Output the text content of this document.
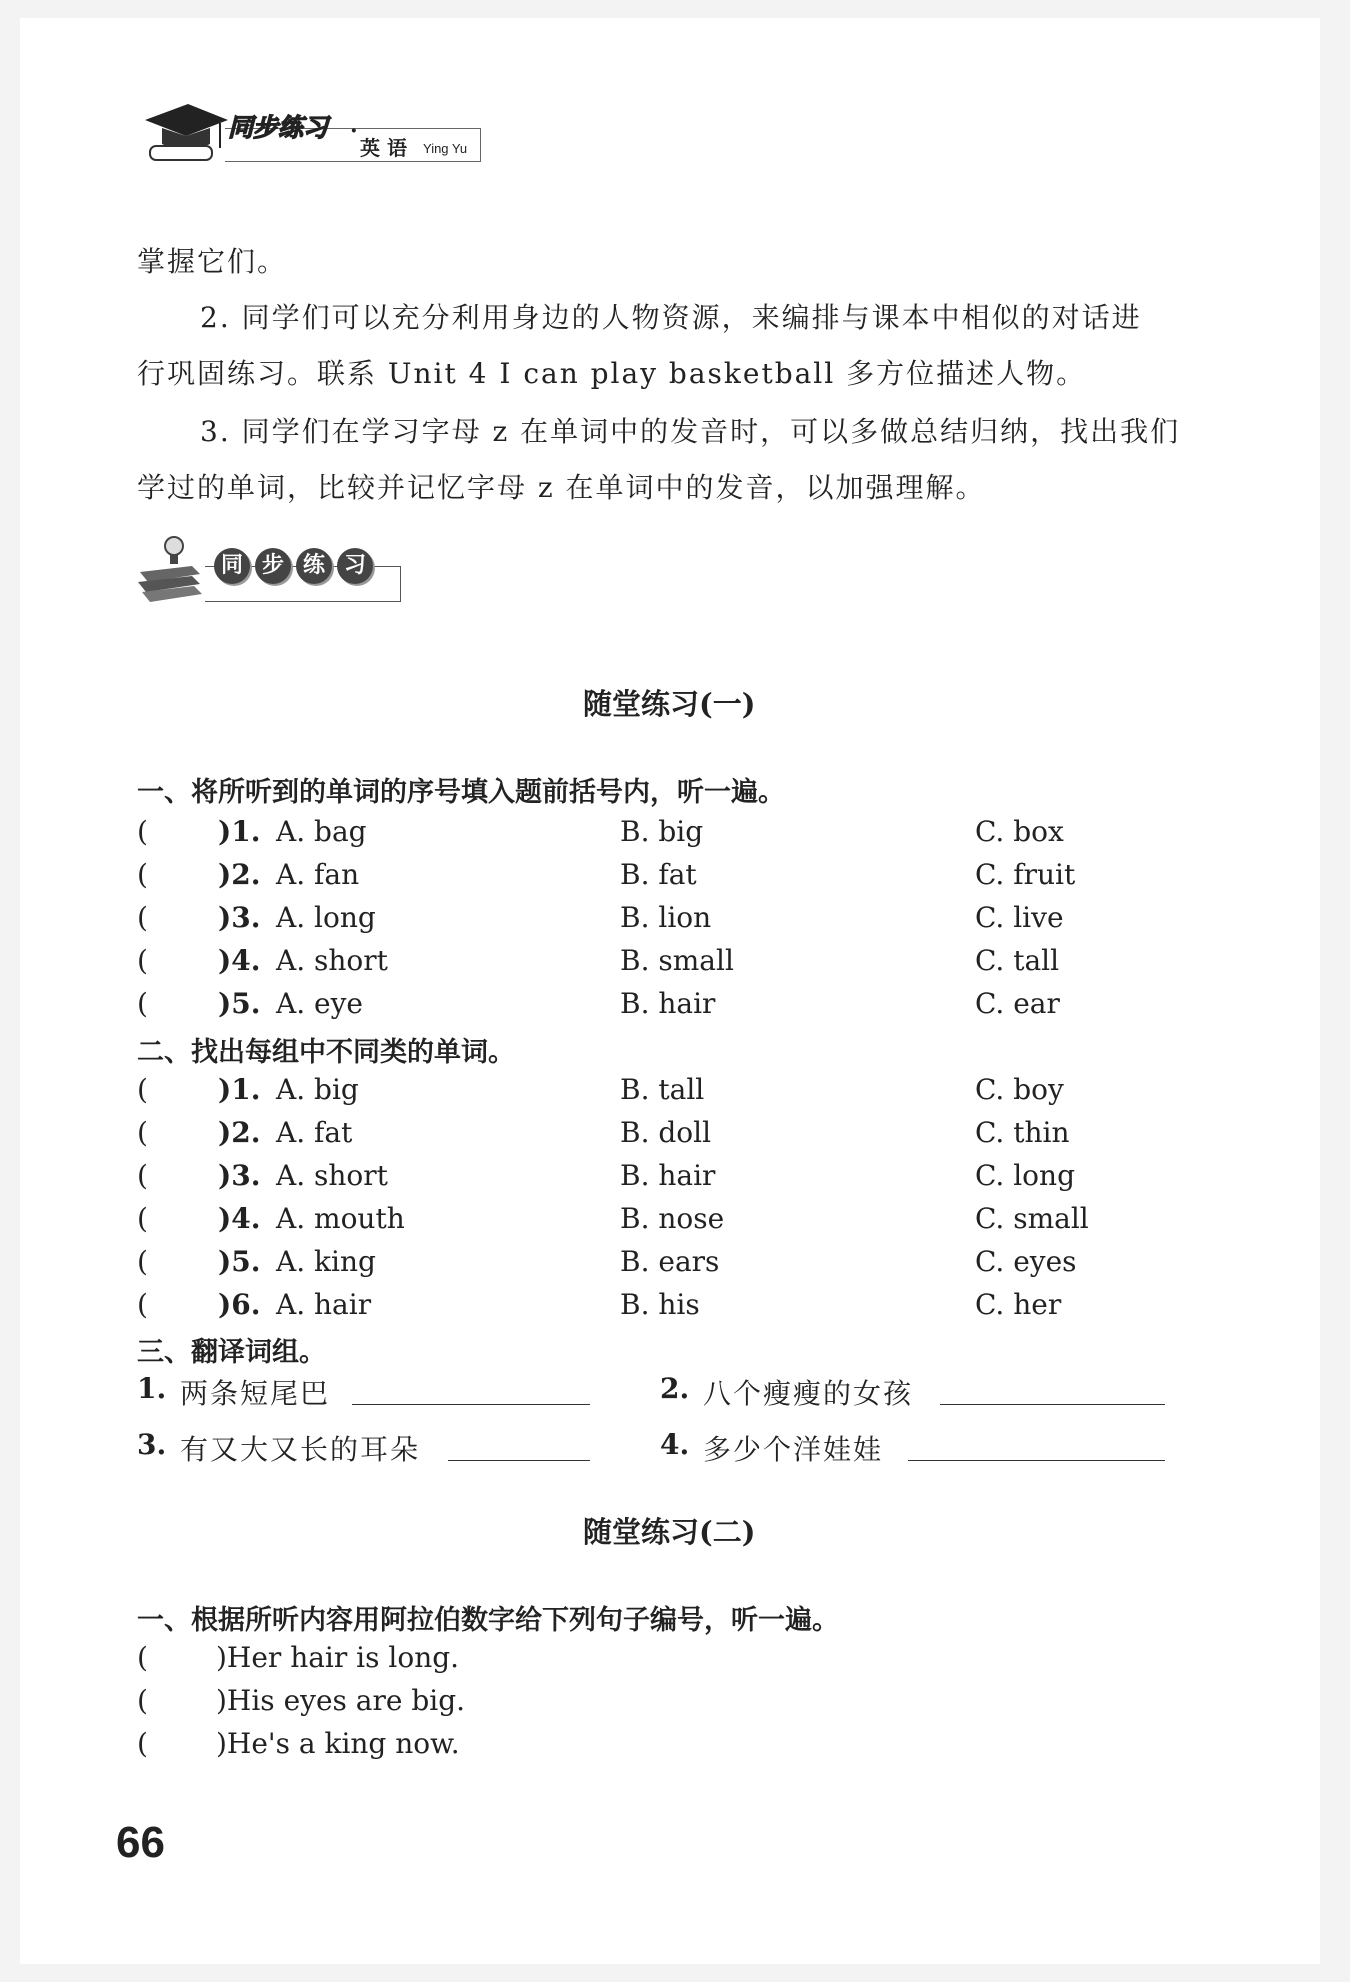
同步练习 ·
英 语 Ying Yu
掌握它们。
2. 同学们可以充分利用身边的人物资源，来编排与课本中相似的对话进
行巩固练习。联系 Unit 4 I can play basketball 多方位描述人物。
3. 同学们在学习字母 z 在单词中的发音时，可以多做总结归纳，找出我们
学过的单词，比较并记忆字母 z 在单词中的发音，以加强理解。
同 步 练 习
随堂练习(一)
一、将所听到的单词的序号填入题前括号内，听一遍。
(	)1. A. bag	B. big	C. box
(	)2. A. fan	B. fat	C. fruit
(	)3. A. long	B. lion	C. live
(	)4. A. short	B. small	C. tall
(	)5. A. eye	B. hair	C. ear
二、找出每组中不同类的单词。
(	)1. A. big	B. tall	C. boy
(	)2. A. fat	B. doll	C. thin
(	)3. A. short	B. hair	C. long
(	)4. A. mouth	B. nose	C. small
(	)5. A. king	B. ears	C. eyes
(	)6. A. hair	B. his	C. her
三、翻译词组。
1. 两条短尾巴	2. 八个瘦瘦的女孩
3. 有又大又长的耳朵	4. 多少个洋娃娃
随堂练习(二)
一、根据所听内容用阿拉伯数字给下列句子编号，听一遍。
( )Her hair is long.
( )His eyes are big.
( )He's a king now.
66
